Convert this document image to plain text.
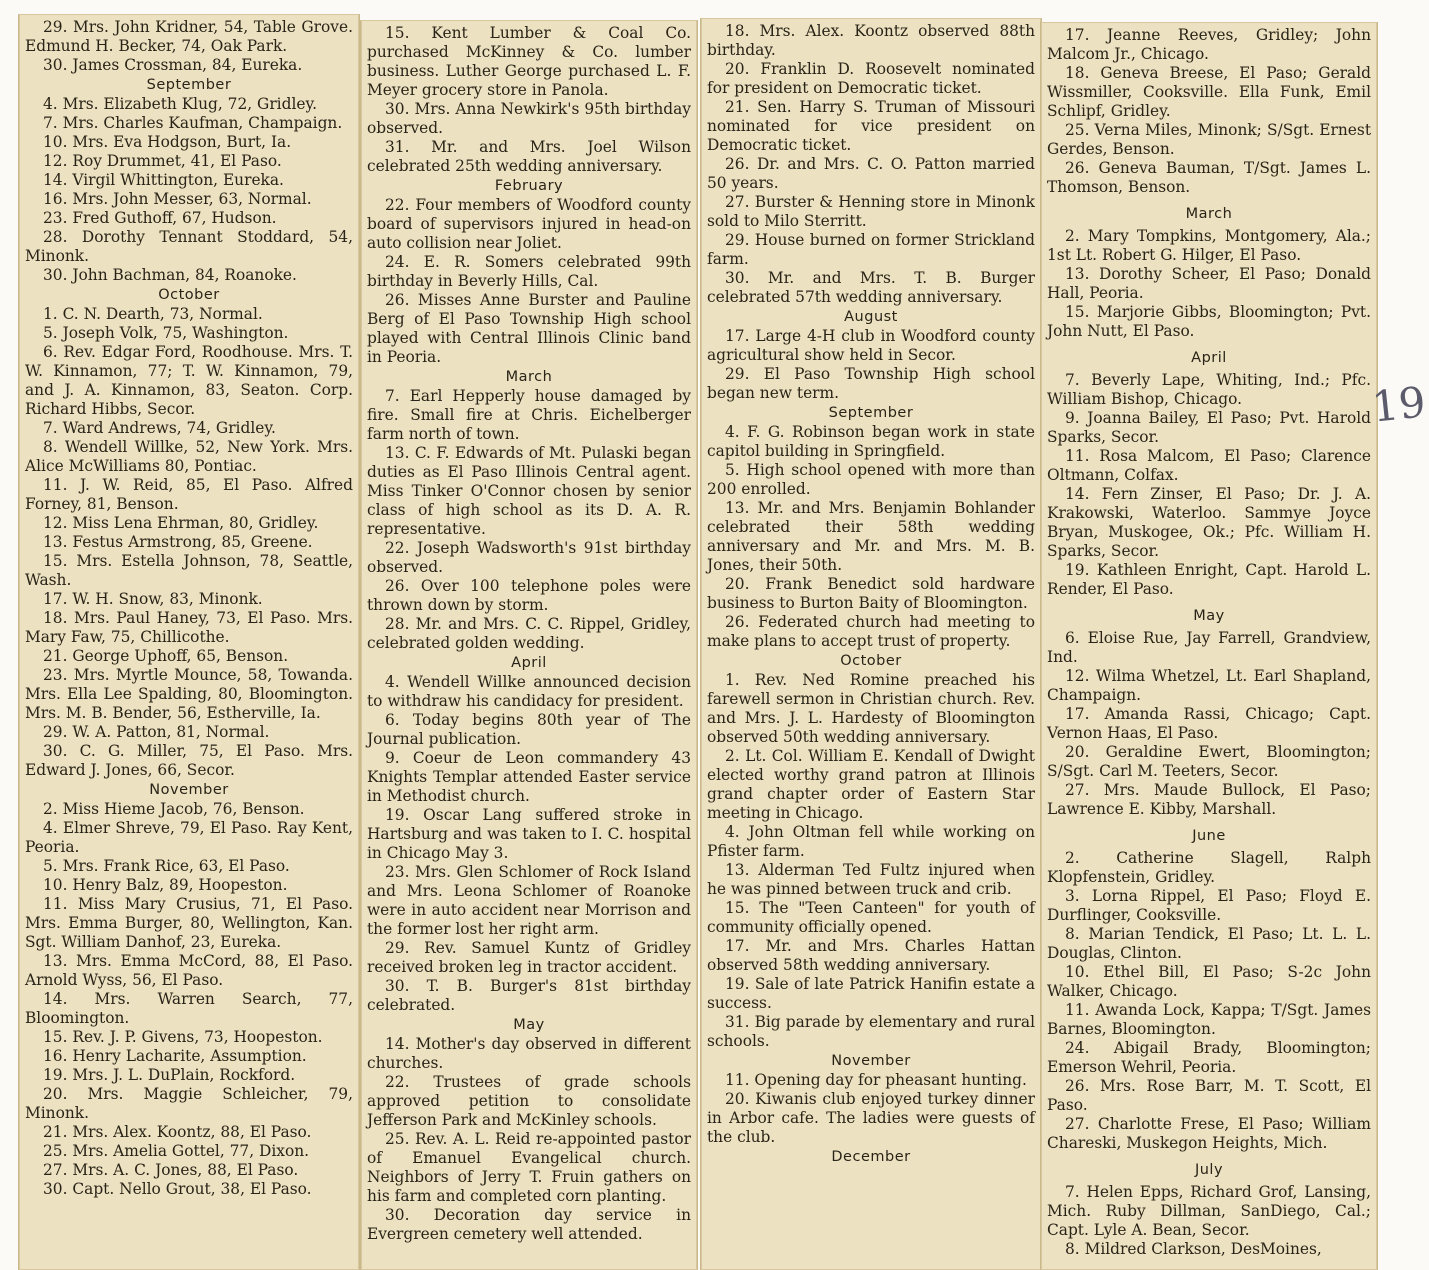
29. Mrs. John Kridner, 54, Table Grove. Edmund H. Becker, 74, Oak Park.

30. James Crossman, 84, Eureka.

September

4. Mrs. Elizabeth Klug, 72, Gridley.

7. Mrs. Charles Kaufman, Champaign.

10. Mrs. Eva Hodgson, Burt, Ia.

12. Roy Drummet, 41, El Paso.

14. Virgil Whittington, Eureka.

16. Mrs. John Messer, 63, Normal.

23. Fred Guthoff, 67, Hudson.

28. Dorothy Tennant Stoddard, 54, Minonk.

30. John Bachman, 84, Roanoke.

October

1. C. N. Dearth, 73, Normal.

5. Joseph Volk, 75, Washington.

6. Rev. Edgar Ford, Roodhouse. Mrs. T. W. Kinnamon, 77; T. W. Kinnamon, 79, and J. A. Kinnamon, 83, Seaton. Corp. Richard Hibbs, Secor.

7. Ward Andrews, 74, Gridley.

8. Wendell Willke, 52, New York. Mrs. Alice McWilliams 80, Pontiac.

11. J. W. Reid, 85, El Paso. Alfred Forney, 81, Benson.

12. Miss Lena Ehrman, 80, Gridley.

13. Festus Armstrong, 85, Greene.

15. Mrs. Estella Johnson, 78, Seattle, Wash.

17. W. H. Snow, 83, Minonk.

18. Mrs. Paul Haney, 73, El Paso. Mrs. Mary Faw, 75, Chillicothe.

21. George Uphoff, 65, Benson.

23. Mrs. Myrtle Mounce, 58, Towanda. Mrs. Ella Lee Spalding, 80, Bloomington. Mrs. M. B. Bender, 56, Estherville, Ia.

29. W. A. Patton, 81, Normal.

30. C. G. Miller, 75, El Paso. Mrs. Edward J. Jones, 66, Secor.

November

2. Miss Hieme Jacob, 76, Benson.

4. Elmer Shreve, 79, El Paso. Ray Kent, Peoria.

5. Mrs. Frank Rice, 63, El Paso.

10. Henry Balz, 89, Hoopeston.

11. Miss Mary Crusius, 71, El Paso. Mrs. Emma Burger, 80, Wellington, Kan. Sgt. William Danhof, 23, Eureka.

13. Mrs. Emma McCord, 88, El Paso. Arnold Wyss, 56, El Paso.

14. Mrs. Warren Search, 77, Bloomington.

15. Rev. J. P. Givens, 73, Hoopeston.

16. Henry Lacharite, Assumption.

19. Mrs. J. L. DuPlain, Rockford.

20. Mrs. Maggie Schleicher, 79, Minonk.

21. Mrs. Alex. Koontz, 88, El Paso.

25. Mrs. Amelia Gottel, 77, Dixon.

27. Mrs. A. C. Jones, 88, El Paso.

30. Capt. Nello Grout, 38, El Paso.

15. Kent Lumber & Coal Co. purchased McKinney & Co. lumber business. Luther George purchased L. F. Meyer grocery store in Panola.

30. Mrs. Anna Newkirk's 95th birthday observed.

31. Mr. and Mrs. Joel Wilson celebrated 25th wedding anniversary.

February

22. Four members of Woodford county board of supervisors injured in head-on auto collision near Joliet.

24. E. R. Somers celebrated 99th birthday in Beverly Hills, Cal.

26. Misses Anne Burster and Pauline Berg of El Paso Township High school played with Central Illinois Clinic band in Peoria.

March

7. Earl Hepperly house damaged by fire. Small fire at Chris. Eichelberger farm north of town.

13. C. F. Edwards of Mt. Pulaski began duties as El Paso Illinois Central agent. Miss Tinker O'Connor chosen by senior class of high school as its D. A. R. representative.

22. Joseph Wadsworth's 91st birthday observed.

26. Over 100 telephone poles were thrown down by storm.

28. Mr. and Mrs. C. C. Rippel, Gridley, celebrated golden wedding.

April

4. Wendell Willke announced decision to withdraw his candidacy for president.

6. Today begins 80th year of The Journal publication.

9. Coeur de Leon commandery 43 Knights Templar attended Easter service in Methodist church.

19. Oscar Lang suffered stroke in Hartsburg and was taken to I. C. hospital in Chicago May 3.

23. Mrs. Glen Schlomer of Rock Island and Mrs. Leona Schlomer of Roanoke were in auto accident near Morrison and the former lost her right arm.

29. Rev. Samuel Kuntz of Gridley received broken leg in tractor accident.

30. T. B. Burger's 81st birthday celebrated.

May

14. Mother's day observed in different churches.

22. Trustees of grade schools approved petition to consolidate Jefferson Park and McKinley schools.

25. Rev. A. L. Reid re-appointed pastor of Emanuel Evangelical church. Neighbors of Jerry T. Fruin gathers on his farm and completed corn planting.

30. Decoration day service in Evergreen cemetery well attended.

18. Mrs. Alex. Koontz observed 88th birthday.

20. Franklin D. Roosevelt nominated for president on Democratic ticket.

21. Sen. Harry S. Truman of Missouri nominated for vice president on Democratic ticket.

26. Dr. and Mrs. C. O. Patton married 50 years.

27. Burster & Henning store in Minonk sold to Milo Sterritt.

29. House burned on former Strickland farm.

30. Mr. and Mrs. T. B. Burger celebrated 57th wedding anniversary.

August

17. Large 4-H club in Woodford county agricultural show held in Secor.

29. El Paso Township High school began new term.

September

4. F. G. Robinson began work in state capitol building in Springfield.

5. High school opened with more than 200 enrolled.

13. Mr. and Mrs. Benjamin Bohlander celebrated their 58th wedding anniversary and Mr. and Mrs. M. B. Jones, their 50th.

20. Frank Benedict sold hardware business to Burton Baity of Bloomington.

26. Federated church had meeting to make plans to accept trust of property.

October

1. Rev. Ned Romine preached his farewell sermon in Christian church. Rev. and Mrs. J. L. Hardesty of Bloomington observed 50th wedding anniversary.

2. Lt. Col. William E. Kendall of Dwight elected worthy grand patron at Illinois grand chapter order of Eastern Star meeting in Chicago.

4. John Oltman fell while working on Pfister farm.

13. Alderman Ted Fultz injured when he was pinned between truck and crib.

15. The "Teen Canteen" for youth of community officially opened.

17. Mr. and Mrs. Charles Hattan observed 58th wedding anniversary.

19. Sale of late Patrick Hanifin estate a success.

31. Big parade by elementary and rural schools.

November

11. Opening day for pheasant hunting.

20. Kiwanis club enjoyed turkey dinner in Arbor cafe. The ladies were guests of the club.

December

17. Jeanne Reeves, Gridley; John Malcom Jr., Chicago.

18. Geneva Breese, El Paso; Gerald Wissmiller, Cooksville. Ella Funk, Emil Schlipf, Gridley.

25. Verna Miles, Minonk; S/Sgt. Ernest Gerdes, Benson.

26. Geneva Bauman, T/Sgt. James L. Thomson, Benson.

March

2. Mary Tompkins, Montgomery, Ala.; 1st Lt. Robert G. Hilger, El Paso.

13. Dorothy Scheer, El Paso; Donald Hall, Peoria.

15. Marjorie Gibbs, Bloomington; Pvt. John Nutt, El Paso.

April

7. Beverly Lape, Whiting, Ind.; Pfc. William Bishop, Chicago.

9. Joanna Bailey, El Paso; Pvt. Harold Sparks, Secor.

11. Rosa Malcom, El Paso; Clarence Oltmann, Colfax.

14. Fern Zinser, El Paso; Dr. J. A. Krakowski, Waterloo. Sammye Joyce Bryan, Muskogee, Ok.; Pfc. William H. Sparks, Secor.

19. Kathleen Enright, Capt. Harold L. Render, El Paso.

May

6. Eloise Rue, Jay Farrell, Grandview, Ind.

12. Wilma Whetzel, Lt. Earl Shapland, Champaign.

17. Amanda Rassi, Chicago; Capt. Vernon Haas, El Paso.

20. Geraldine Ewert, Bloomington; S/Sgt. Carl M. Teeters, Secor.

27. Mrs. Maude Bullock, El Paso; Lawrence E. Kibby, Marshall.

June

2. Catherine Slagell, Ralph Klopfenstein, Gridley.

3. Lorna Rippel, El Paso; Floyd E. Durflinger, Cooksville.

8. Marian Tendick, El Paso; Lt. L. L. Douglas, Clinton.

10. Ethel Bill, El Paso; S-2c John Walker, Chicago.

11. Awanda Lock, Kappa; T/Sgt. James Barnes, Bloomington.

24. Abigail Brady, Bloomington; Emerson Wehril, Peoria.

26. Mrs. Rose Barr, M. T. Scott, El Paso.

27. Charlotte Frese, El Paso; William Chareski, Muskegon Heights, Mich.

July

7. Helen Epps, Richard Grof, Lansing, Mich. Ruby Dillman, SanDiego, Cal.; Capt. Lyle A. Bean, Secor.

8. Mildred Clarkson, DesMoines,

19
